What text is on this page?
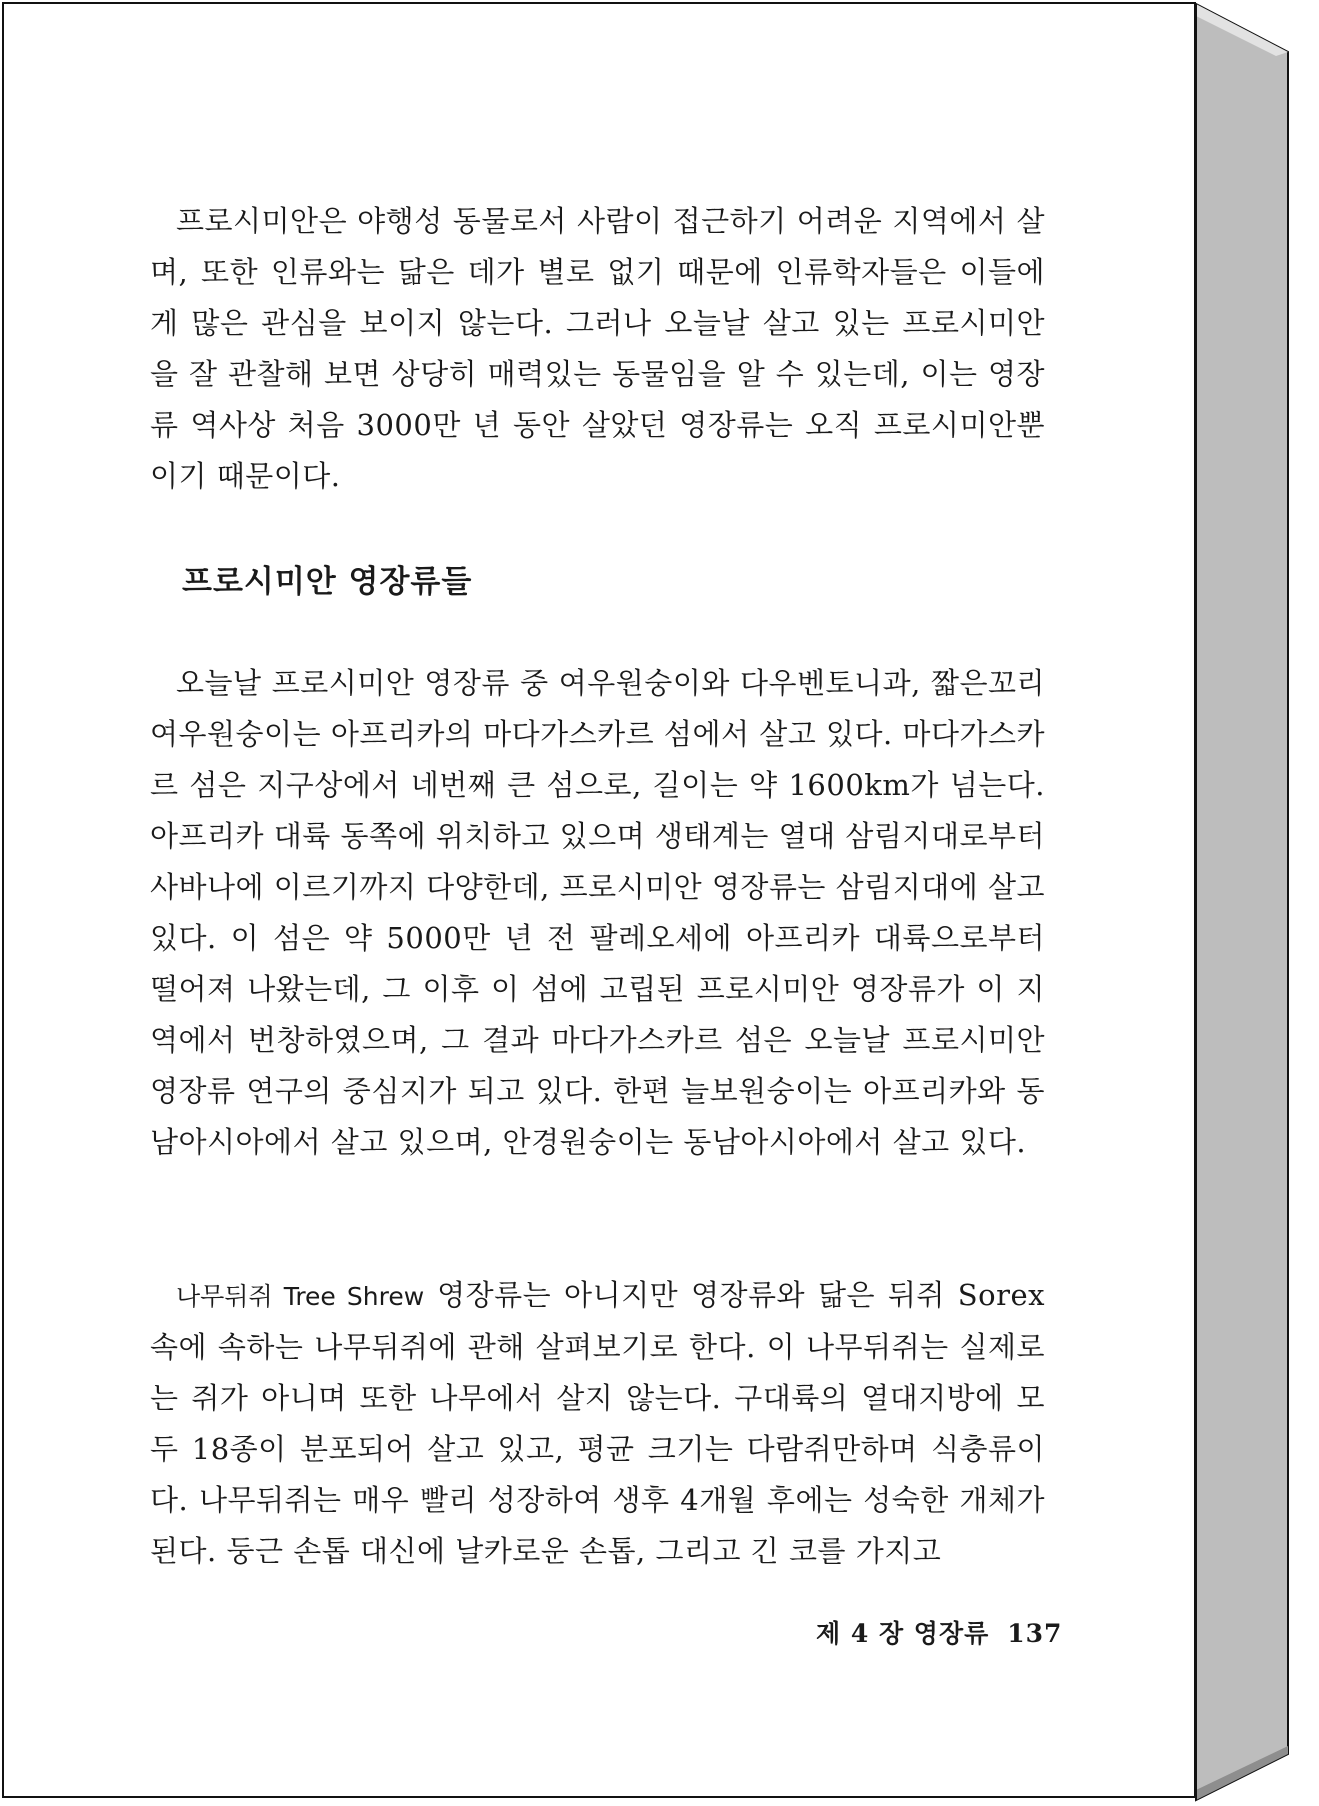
프로시미안은 야행성 동물로서 사람이 접근하기 어려운 지역에서 살며, 또한 인류와는 닮은 데가 별로 없기 때문에 인류학자들은 이들에게 많은 관심을 보이지 않는다. 그러나 오늘날 살고 있는 프로시미안을 잘 관찰해 보면 상당히 매력있는 동물임을 알 수 있는데, 이는 영장류 역사상 처음 3000만 년 동안 살았던 영장류는 오직 프로시미안뿐이기 때문이다.

프로시미안 영장류들

오늘날 프로시미안 영장류 중 여우원숭이와 다우벤토니과, 짧은꼬리여우원숭이는 아프리카의 마다가스카르 섬에서 살고 있다. 마다가스카르 섬은 지구상에서 네번째 큰 섬으로, 길이는 약 1600km가 넘는다. 아프리카 대륙 동쪽에 위치하고 있으며 생태계는 열대 삼림지대로부터 사바나에 이르기까지 다양한데, 프로시미안 영장류는 삼림지대에 살고 있다. 이 섬은 약 5000만 년 전 팔레오세에 아프리카 대륙으로부터 떨어져 나왔는데, 그 이후 이 섬에 고립된 프로시미안 영장류가 이 지역에서 번창하였으며, 그 결과 마다가스카르 섬은 오늘날 프로시미안 영장류 연구의 중심지가 되고 있다. 한편 늘보원숭이는 아프리카와 동남아시아에서 살고 있으며, 안경원숭이는 동남아시아에서 살고 있다.

나무뒤쥐 Tree Shrew 영장류는 아니지만 영장류와 닮은 뒤쥐 Sorex 속에 속하는 나무뒤쥐에 관해 살펴보기로 한다. 이 나무뒤쥐는 실제로는 쥐가 아니며 또한 나무에서 살지 않는다. 구대륙의 열대지방에 모두 18종이 분포되어 살고 있고, 평균 크기는 다람쥐만하며 식충류이다. 나무뒤쥐는 매우 빨리 성장하여 생후 4개월 후에는 성숙한 개체가 된다. 둥근 손톱 대신에 날카로운 손톱, 그리고 긴 코를 가지고

제 4 장 영장류 137
